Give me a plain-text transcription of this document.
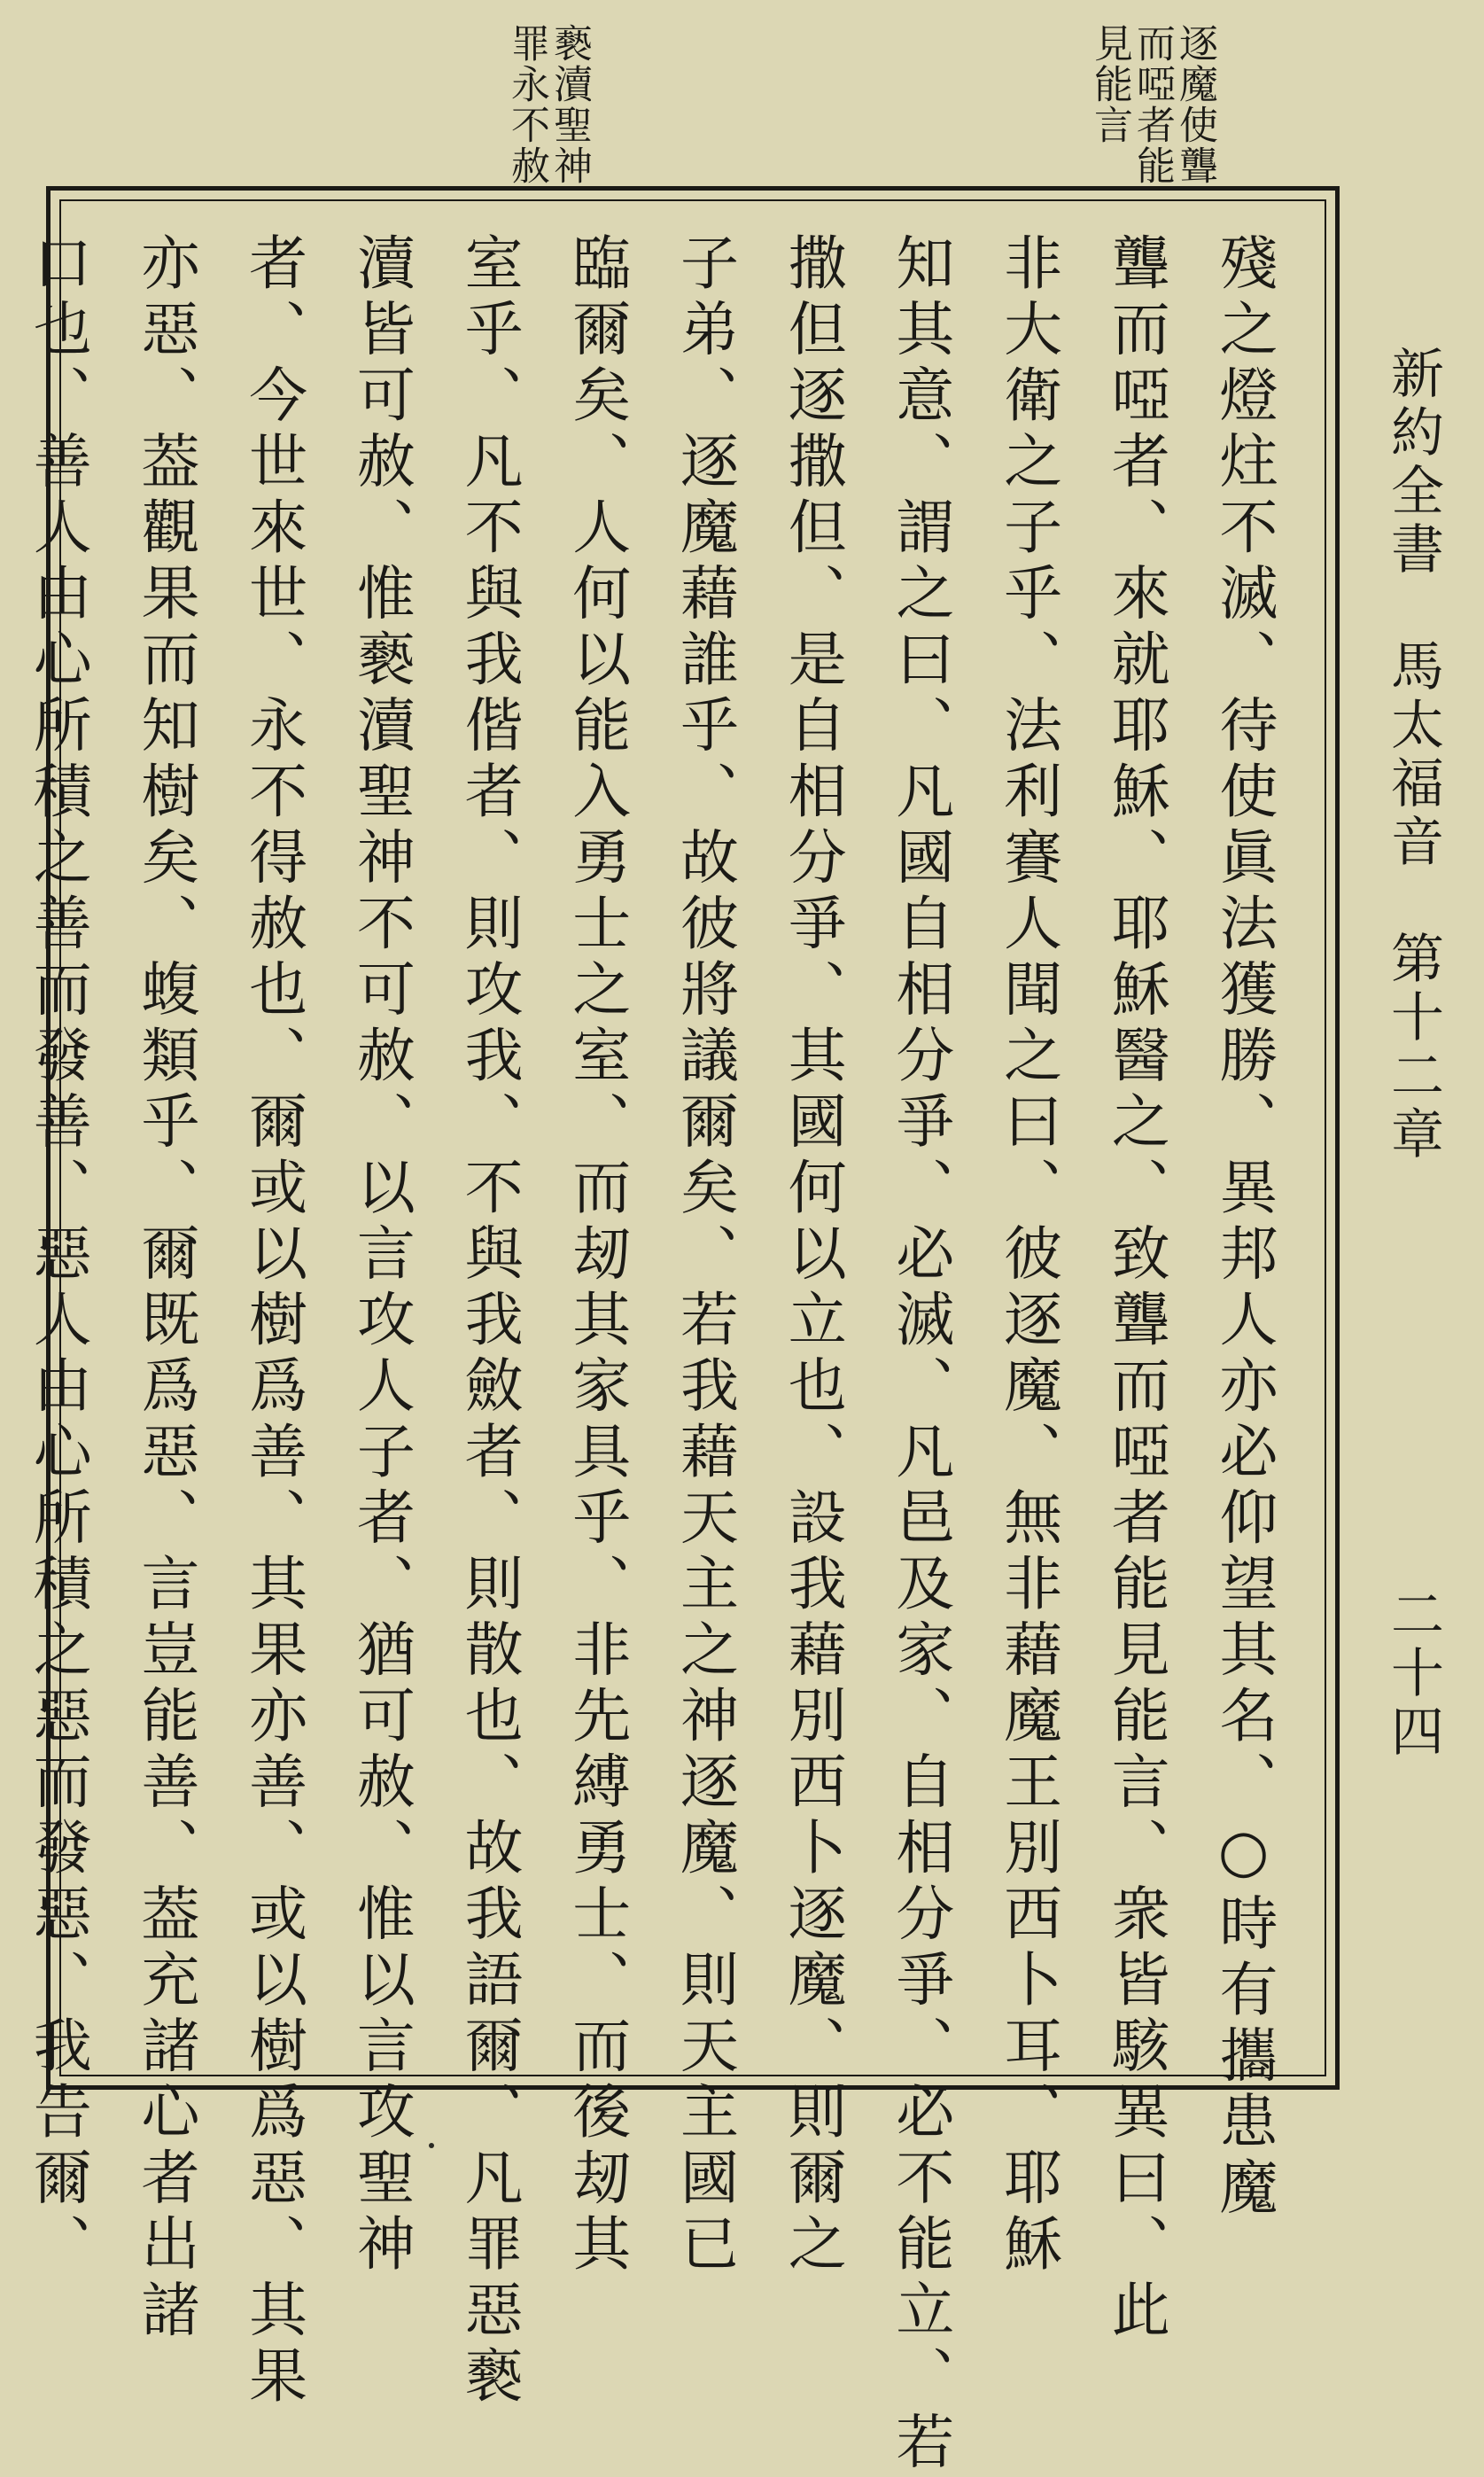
逐魔使聾而啞者能見能言
褻瀆聖神罪永不赦
新約全書　馬太福音　第十二章
二十四
殘之燈炷不滅、待使眞法獲勝、異邦人亦必仰望其名、○時有攜患魔
聾而啞者、來就耶穌、耶穌醫之、致聾而啞者能見能言、衆皆駭異曰、此
非大衛之子乎、法利賽人聞之曰、彼逐魔、無非藉魔王別西卜耳、耶穌
知其意、謂之曰、凡國自相分爭、必滅、凡邑及家、自相分爭、必不能立、若
撒但逐撒但、是自相分爭、其國何以立也、設我藉別西卜逐魔、則爾之
子弟、逐魔藉誰乎、故彼將議爾矣、若我藉天主之神逐魔、則天主國已
臨爾矣、人何以能入勇士之室、而刼其家具乎、非先縛勇士、而後刼其
室乎、凡不與我偕者、則攻我、不與我斂者、則散也、故我語爾、凡罪惡褻
瀆皆可赦、惟褻瀆聖神不可赦、以言攻人子者、猶可赦、惟以言攻聖神
者、今世來世、永不得赦也、爾或以樹爲善、其果亦善、或以樹爲惡、其果
亦惡、葢觀果而知樹矣、蝮類乎、爾既爲惡、言豈能善、葢充諸心者出諸
口也、善人由心所積之善而發善、惡人由心所積之惡而發惡、我告爾、
